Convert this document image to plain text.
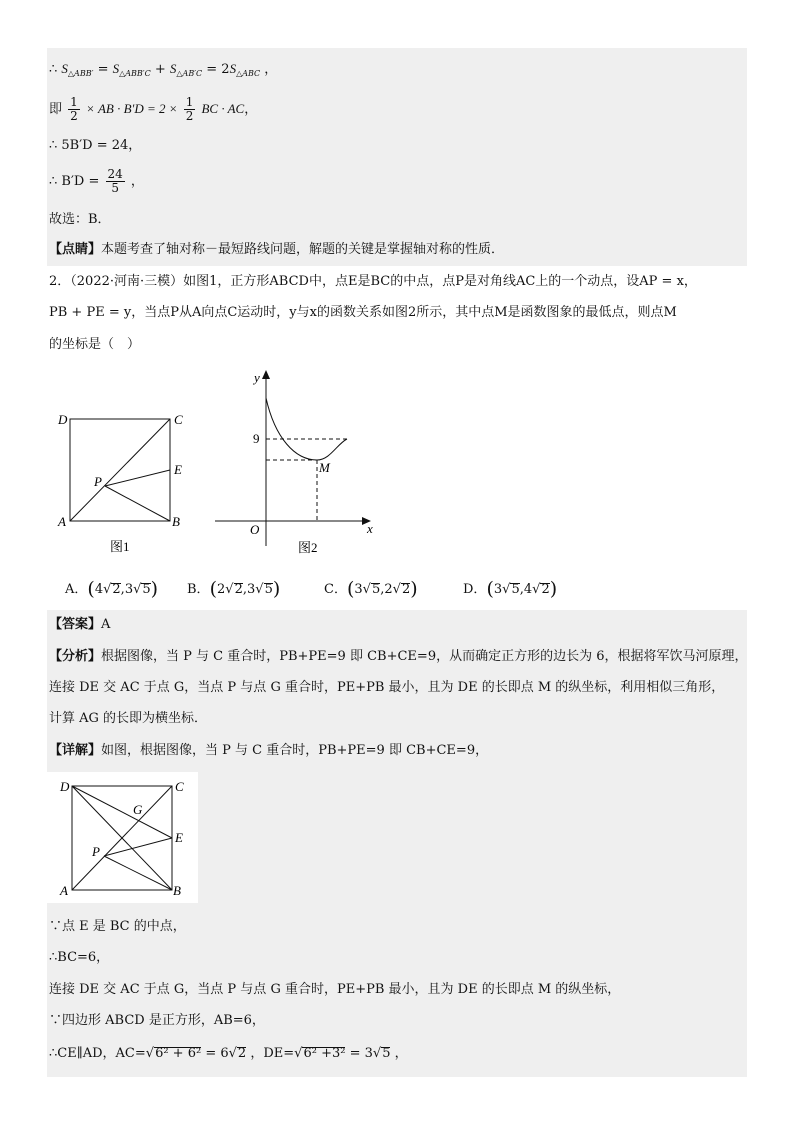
∴ $S_{\triangle ABB'} = S_{\triangle ABB'C} + S_{\triangle AB'C} = 2S_{\triangle ABC}$ ，
即 $\frac{1}{2}$ × AB · $B'D = 2 \times \frac{1}{2}$ BC · AC，
∴ 5B′D = 24，
∴ $B'D = \frac{24}{5}$ ，
故选：B．
【点睛】本题考查了轴对称－最短路线问题，解题的关键是掌握轴对称的性质．
2．（2022·河南·三模）如图1，正方形ABCD中，点E是BC的中点，点P是对角线AC上的一个动点，设AP = x，
PB + PE = y，当点P从A向点C运动时，y与x的函数关系如图2所示，其中点M是函数图象的最低点，则点M
的坐标是（　）
D	C
E
P
A	B
图1
y
x
O
9
M
图2
A．(4√2,3√5) B．(2√2,3√5)	C．(3√5,2√2)	D．(3√5,4√2)
【答案】A
【分析】根据图像，当 P 与 C 重合时，PB+PE=9 即 CB+CE=9，从而确定正方形的边长为 6，根据将军饮马河原理，
连接 DE 交 AC 于点 G，当点 P 与点 G 重合时，PE+PB 最小，且为 DE 的长即点 M 的纵坐标，利用相似三角形，
计算 AG 的长即为横坐标．
【详解】如图，根据图像，当 P 与 C 重合时，PB+PE=9 即 CB+CE=9，
D	C
G
E
P
A	B
∵点 E 是 BC 的中点，
∴BC=6，
连接 DE 交 AC 于点 G，当点 P 与点 G 重合时，PE+PB 最小，且为 DE 的长即点 M 的纵坐标，
∵四边形 ABCD 是正方形，AB=6，
∴CE∥AD，AC=√6² + 6² = 6√2 ，DE=√6² +3² = 3√5 ，
